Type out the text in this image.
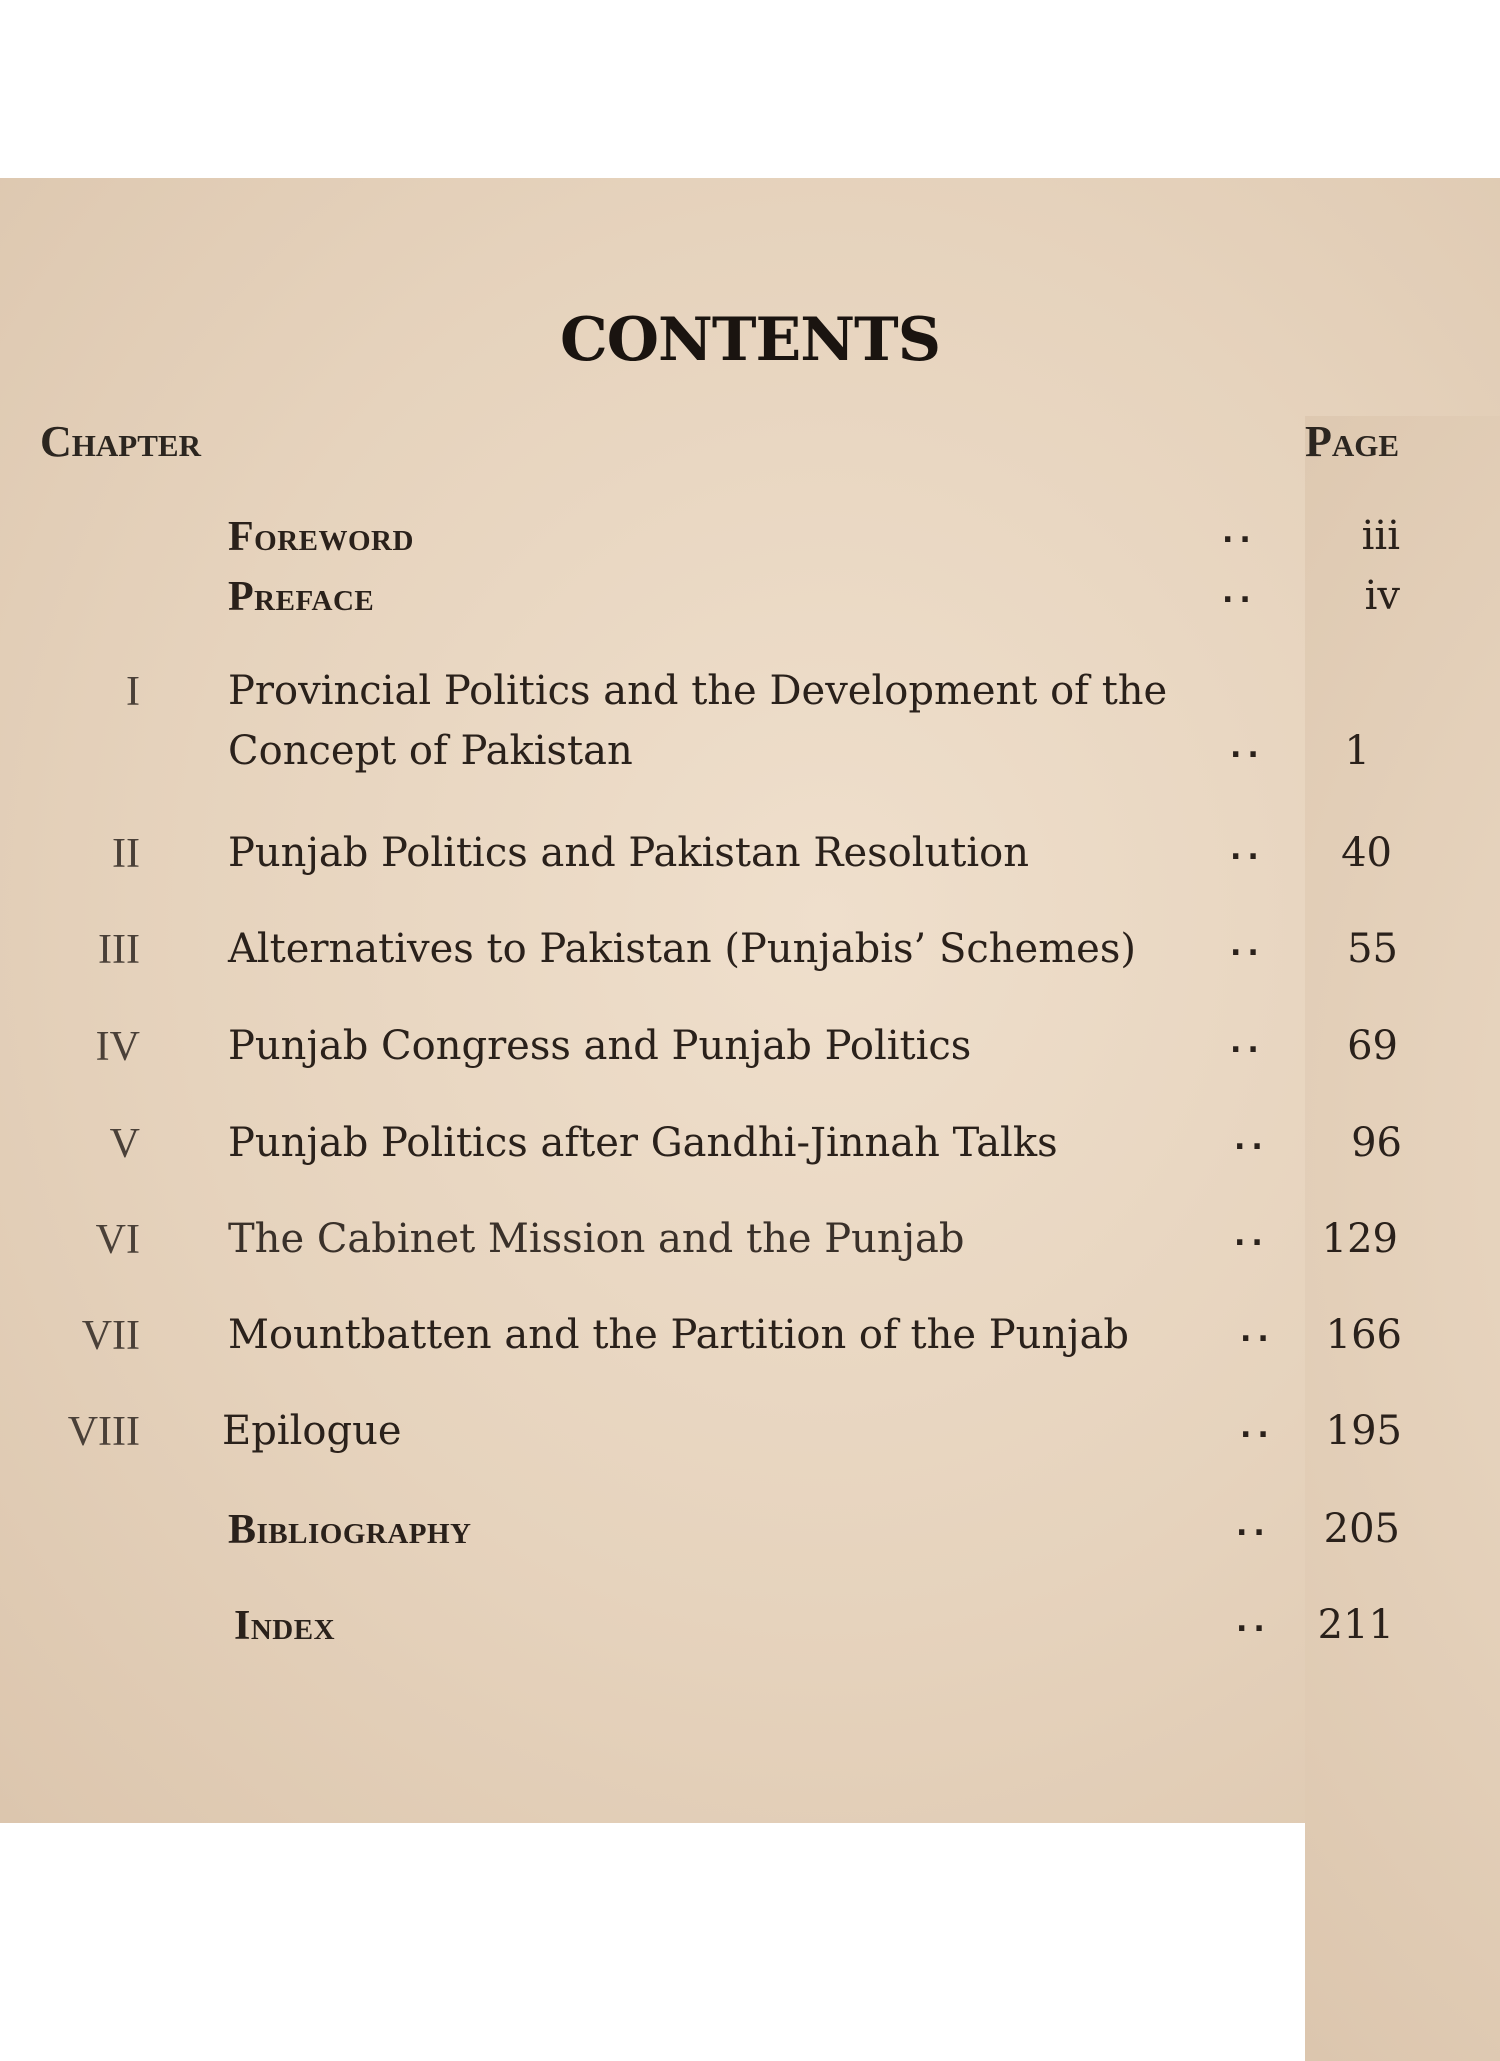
CONTENTS
Chapter	Page
Foreword	..	iii
Preface	..	iv
I Provincial Politics and the Development of the
Concept of Pakistan	..	1
II Punjab Politics and Pakistan Resolution	..	40
III Alternatives to Pakistan (Punjabis’ Schemes)	..	55
IV Punjab Congress and Punjab Politics	..	69
V Punjab Politics after Gandhi-Jinnah Talks	..	96
VI The Cabinet Mission and the Punjab	.. 129
VII Mountbatten and the Partition of the Punjab	.. 166
VIII Epilogue	.. 195
Bibliography	.. 205
Index	.. 211
